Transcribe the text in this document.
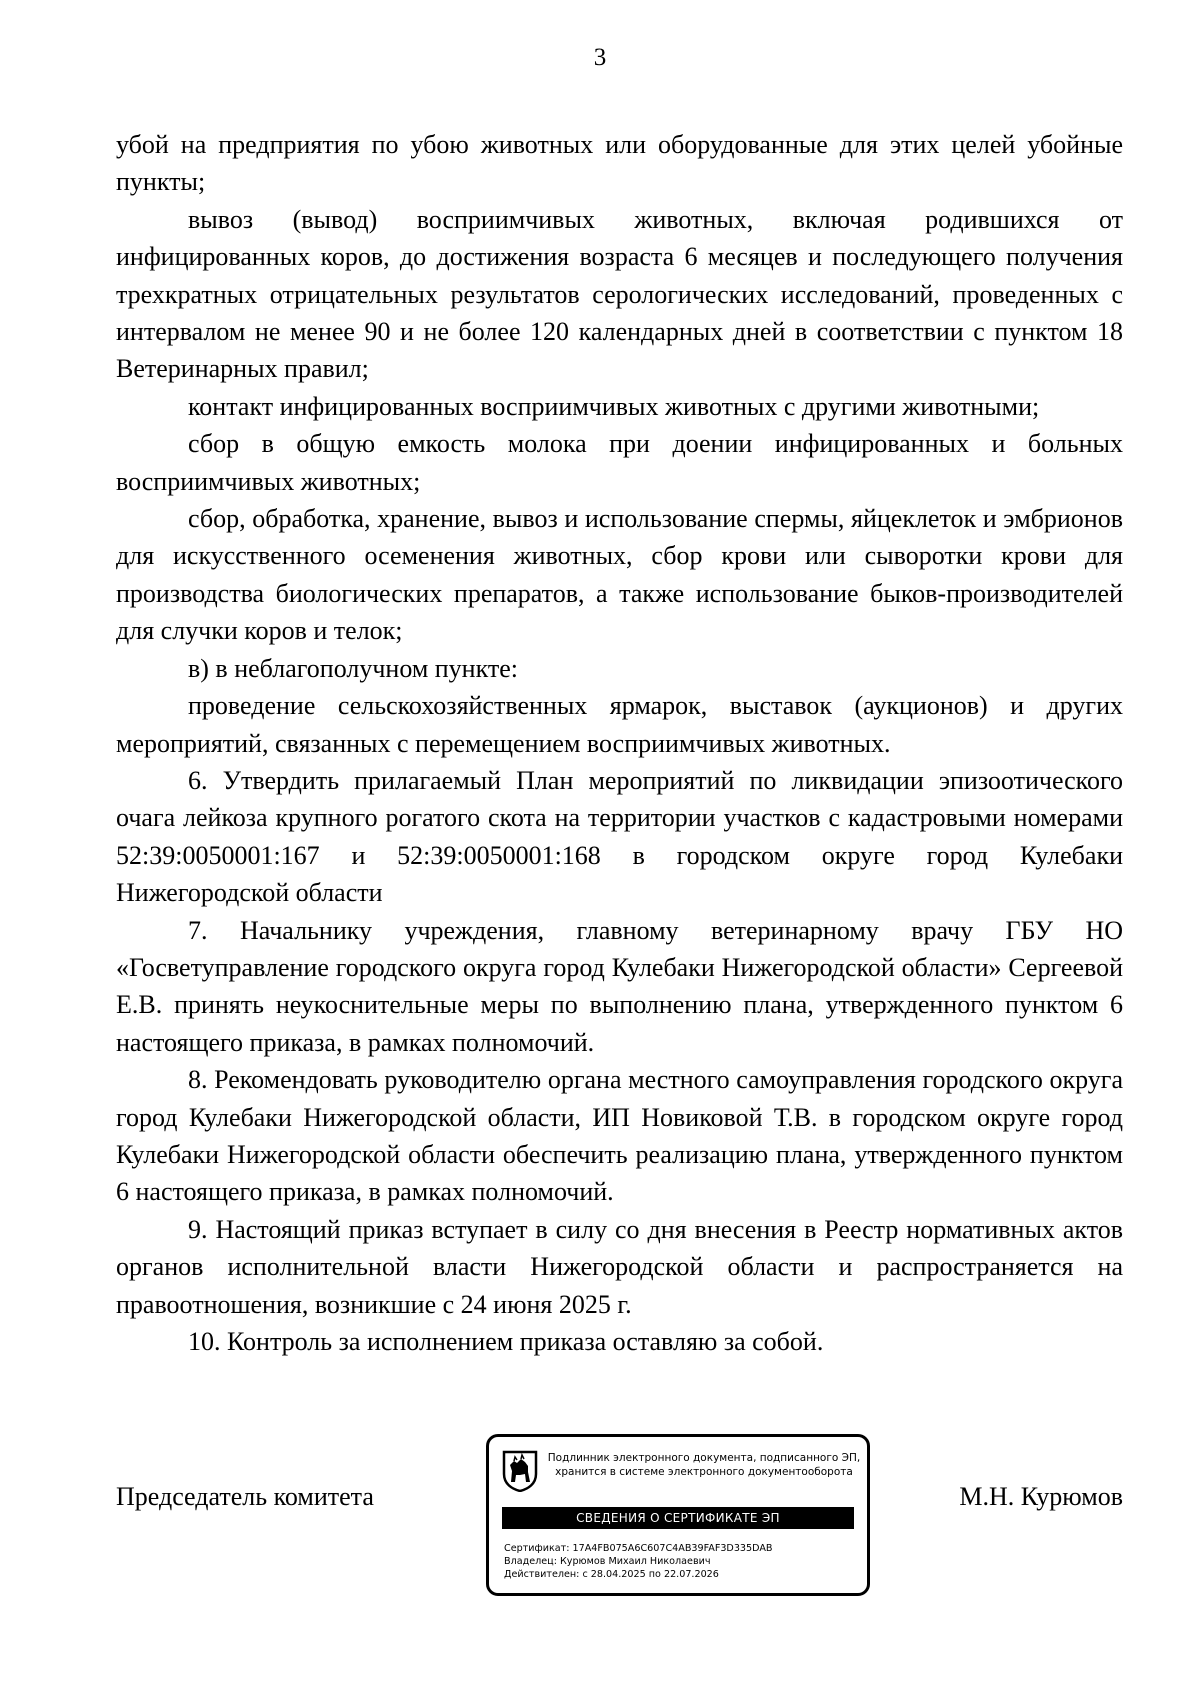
3

убой на предприятия по убою животных или оборудованные для этих целей убойные пункты;

вывоз (вывод) восприимчивых животных, включая родившихся от инфицированных коров, до достижения возраста 6 месяцев и последующего получения трехкратных отрицательных результатов серологических исследований, проведенных с интервалом не менее 90 и не более 120 календарных дней в соответствии с пунктом 18 Ветеринарных правил;

контакт инфицированных восприимчивых животных с другими животными;

сбор в общую емкость молока при доении инфицированных и больных восприимчивых животных;

сбор, обработка, хранение, вывоз и использование спермы, яйцеклеток и эмбрионов для искусственного осеменения животных, сбор крови или сыворотки крови для производства биологических препаратов, а также использование быков-производителей для случки коров и телок;

в) в неблагополучном пункте:

проведение сельскохозяйственных ярмарок, выставок (аукционов) и других мероприятий, связанных с перемещением восприимчивых животных.

6. Утвердить прилагаемый План мероприятий по ликвидации эпизоотического очага лейкоза крупного рогатого скота на территории участков с кадастровыми номерами 52:39:0050001:167 и 52:39:0050001:168 в городском округе город Кулебаки Нижегородской области

7. Начальнику учреждения, главному ветеринарному врачу ГБУ НО «Госветуправление городского округа город Кулебаки Нижегородской области» Сергеевой Е.В. принять неукоснительные меры по выполнению плана, утвержденного пунктом 6 настоящего приказа, в рамках полномочий.

8. Рекомендовать руководителю органа местного самоуправления городского округа город Кулебаки Нижегородской области, ИП Новиковой Т.В. в городском округе город Кулебаки Нижегородской области обеспечить реализацию плана, утвержденного пунктом 6 настоящего приказа, в рамках полномочий.

9. Настоящий приказ вступает в силу со дня внесения в Реестр нормативных актов органов исполнительной власти Нижегородской области и распространяется на правоотношения, возникшие с 24 июня 2025 г.

10. Контроль за исполнением приказа оставляю за собой.

Председатель комитета	М.Н. Курюмов
Подлинник электронного документа, подписанного ЭП,
хранится в системе электронного документооборота
СВЕДЕНИЯ О СЕРТИФИКАТЕ ЭП
Сертификат: 17A4FB075A6C607C4AB39FAF3D335DAB
Владелец: Курюмов Михаил Николаевич
Действителен: с 28.04.2025 по 22.07.2026
